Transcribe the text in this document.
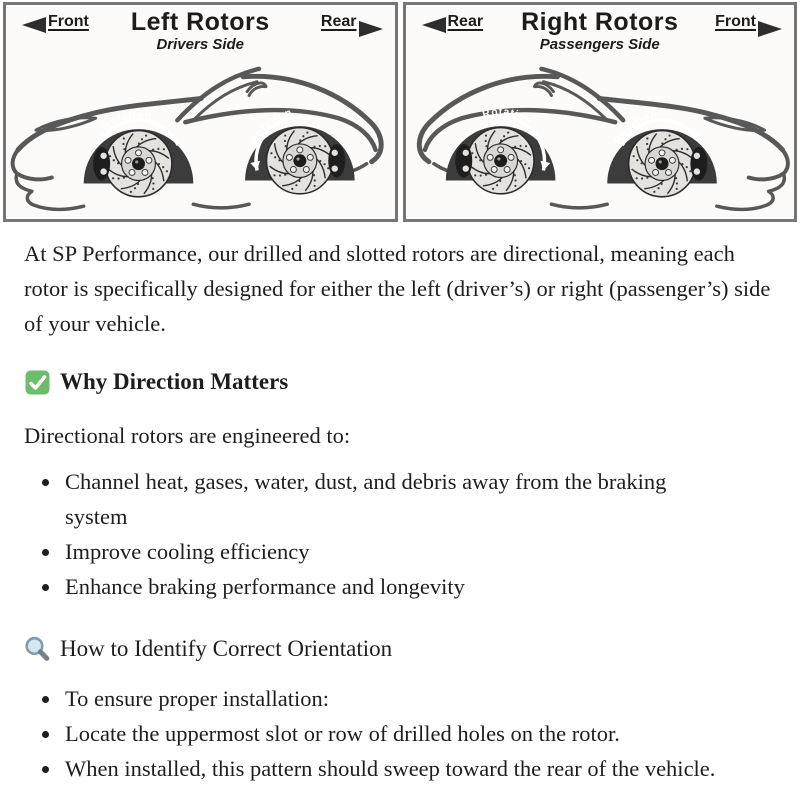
Front	Left Rotors
Drivers Side
Rear
Rotation
Rotation
Rear	Right Rotors
Passengers Side
Front
Rotation
Rotation

At SP Performance, our drilled and slotted rotors are directional, meaning each rotor is specifically designed for either the left (driver’s) or right (passenger’s) side of your vehicle.

Why Direction Matters
Directional rotors are engineered to:
• Channel heat, gases, water, dust, and debris away from the braking system
• Improve cooling efficiency
• Enhance braking performance and longevity
How to Identify Correct Orientation
• To ensure proper installation:
• Locate the uppermost slot or row of drilled holes on the rotor.
• When installed, this pattern should sweep toward the rear of the vehicle.
